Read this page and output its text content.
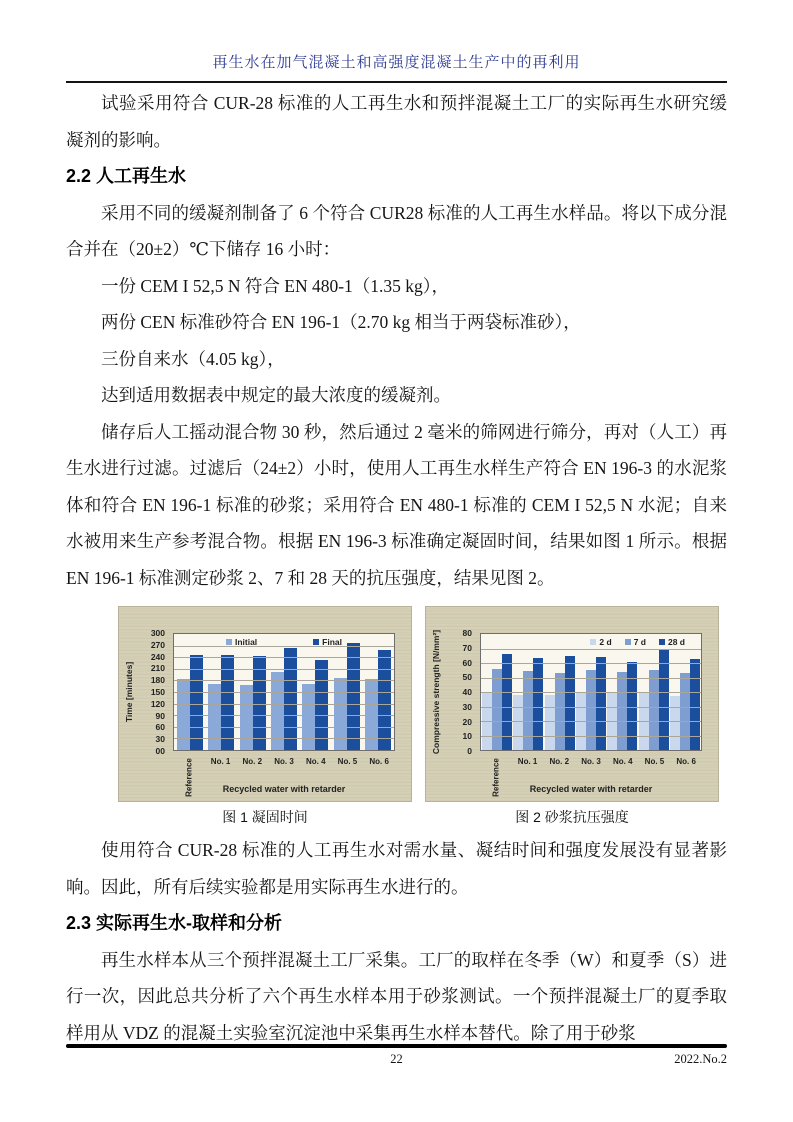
再生水在加气混凝土和高强度混凝土生产中的再利用

试验采用符合 CUR-28 标准的人工再生水和预拌混凝土工厂的实际再生水研究缓凝剂的影响。

2.2 人工再生水

采用不同的缓凝剂制备了 6 个符合 CUR28 标准的人工再生水样品。将以下成分混合并在（20±2）℃下储存 16 小时：

一份 CEM I 52,5 N 符合 EN 480-1（1.35 kg），

两份 CEN 标准砂符合 EN 196-1（2.70 kg 相当于两袋标准砂），

三份自来水（4.05 kg），

达到适用数据表中规定的最大浓度的缓凝剂。

储存后人工摇动混合物 30 秒，然后通过 2 毫米的筛网进行筛分，再对（人工）再生水进行过滤。过滤后（24±2）小时，使用人工再生水样生产符合 EN 196-3 的水泥浆体和符合 EN 196-1 标准的砂浆；采用符合 EN 480-1 标准的 CEM I 52,5 N 水泥；自来水被用来生产参考混合物。根据 EN 196-3 标准确定凝固时间，结果如图 1 所示。根据 EN 196-1 标准测定砂浆 2、7 和 28 天的抗压强度，结果见图 2。

Time [minutes]
00
30
60
90
120
150
180
210
240
270
300
Initial	Final
Reference No. 1 No. 2 No. 3 No. 4 No. 5 No. 6
Recycled water with retarder
图 1 凝固时间
Compressive strength [N/mm²]	0
10
20
30
40
50
60
70
80
2 d	7 d	28 d
Reference No. 1 No. 2 No. 3 No. 4 No. 5 No. 6
Recycled water with retarder
图 2 砂浆抗压强度

使用符合 CUR-28 标准的人工再生水对需水量、凝结时间和强度发展没有显著影响。因此，所有后续实验都是用实际再生水进行的。

2.3 实际再生水-取样和分析

再生水样本从三个预拌混凝土工厂采集。工厂的取样在冬季（W）和夏季（S）进行一次，因此总共分析了六个再生水样本用于砂浆测试。一个预拌混凝土厂的夏季取样用从 VDZ 的混凝土实验室沉淀池中采集再生水样本替代。除了用于砂浆

22	2022.No.2
